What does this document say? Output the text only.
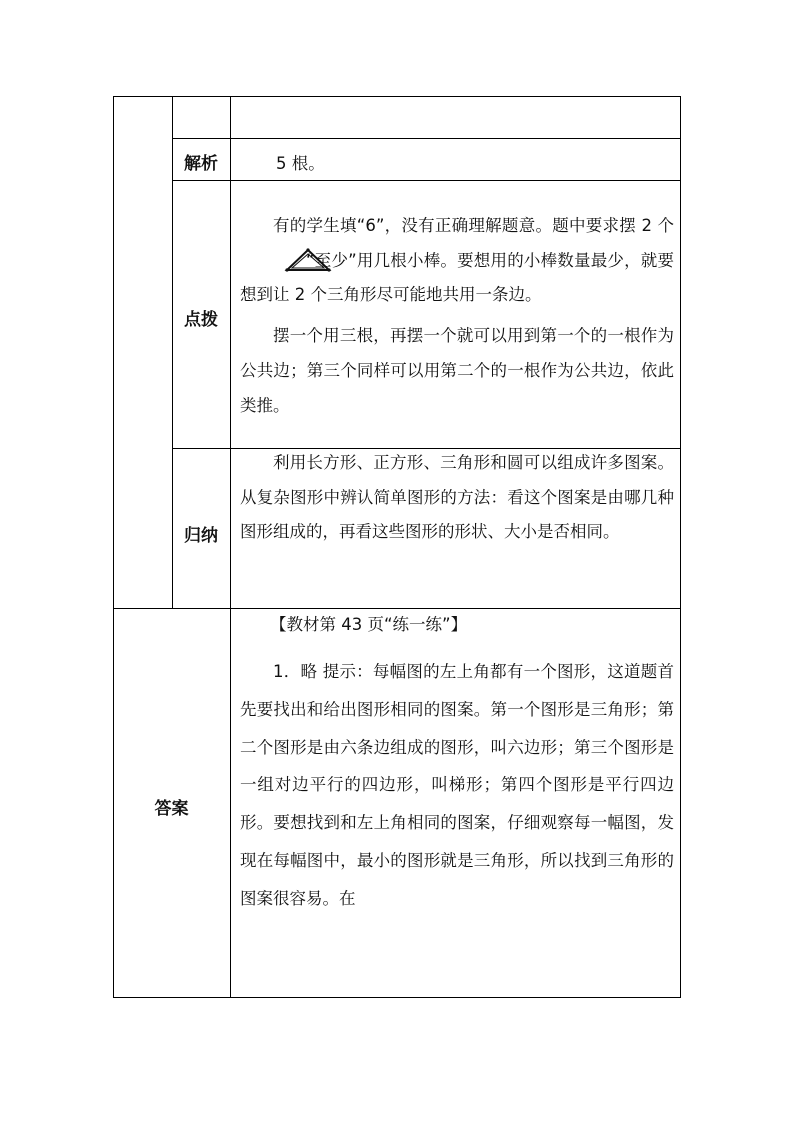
解析	5 根。
点拨

有的学生填“6”，没有正确理解题意。题中要求摆 2 个“至少”用几根小棒。要想用的小棒数量最少，就要想到让 2 个三角形尽可能地共用一条边。

摆一个用三根，再摆一个就可以用到第一个的一根作为公共边；第三个同样可以用第二个的一根作为公共边，依此类推。

归纳

利用长方形、正方形、三角形和圆可以组成许多图案。从复杂图形中辨认简单图形的方法：看这个图案是由哪几种图形组成的，再看这些图形的形状、大小是否相同。

答案
【教材第 43 页“练一练”】

1．略 提示：每幅图的左上角都有一个图形，这道题首先要找出和给出图形相同的图案。第一个图形是三角形；第二个图形是由六条边组成的图形，叫六边形；第三个图形是一组对边平行的四边形，叫梯形；第四个图形是平行四边形。要想找到和左上角相同的图案，仔细观察每一幅图，发现在每幅图中，最小的图形就是三角形，所以找到三角形的图案很容易。在
